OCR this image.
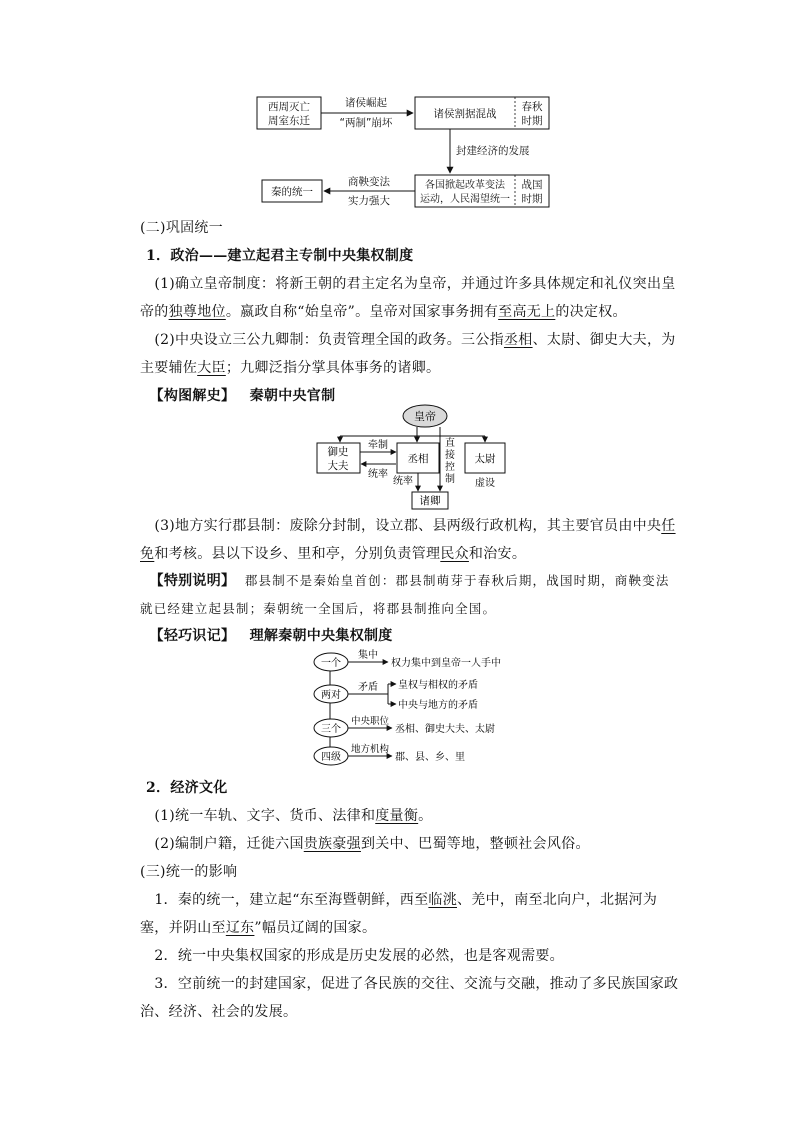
西周灭亡
周室东迁
诸侯崛起
“两制”崩坏
诸侯割据混战
春秋
时期
封建经济的发展
各国掀起改革变法
运动，人民渴望统一
战国
时期
商鞅变法
实力强大
秦的统一

(二)巩固统一

1．政治——建立起君主专制中央集权制度

　(1)确立皇帝制度：将新王朝的君主定名为皇帝，并通过许多具体规定和礼仪突出皇帝的独尊地位。嬴政自称“始皇帝”。皇帝对国家事务拥有至高无上的决定权。

　(2)中央设立三公九卿制：负责管理全国的政务。三公指丞相、太尉、御史大夫，为主要辅佐大臣；九卿泛指分掌具体事务的诸卿。

【构图解史】 秦朝中央官制

皇帝
御史
大夫
丞相	太尉
虚设
牵制
统率
统率
直
接
控
制
诸卿

　(3)地方实行郡县制：废除分封制，设立郡、县两级行政机构，其主要官员由中央任免和考核。县以下设乡、里和亭，分别负责管理民众和治安。

【特别说明】 郡县制不是秦始皇首创：郡县制萌芽于春秋后期，战国时期，商鞅变法就已经建立起县制；秦朝统一全国后，将郡县制推向全国。

【轻巧识记】 理解秦朝中央集权制度

一个
集中
权力集中到皇帝一人手中
两对
矛盾 皇权与相权的矛盾
中央与地方的矛盾
三个
中央职位
丞相、御史大夫、太尉
四级
地方机构
郡、县、乡、里

2．经济文化

　(1)统一车轨、文字、货币、法律和度量衡。

　(2)编制户籍，迁徙六国贵族豪强到关中、巴蜀等地，整顿社会风俗。

(三)统一的影响

　1．秦的统一，建立起“东至海暨朝鲜，西至临洮、羌中，南至北向户，北据河为塞，并阴山至辽东”幅员辽阔的国家。

　2．统一中央集权国家的形成是历史发展的必然，也是客观需要。

　3．空前统一的封建国家，促进了各民族的交往、交流与交融，推动了多民族国家政治、经济、社会的发展。
